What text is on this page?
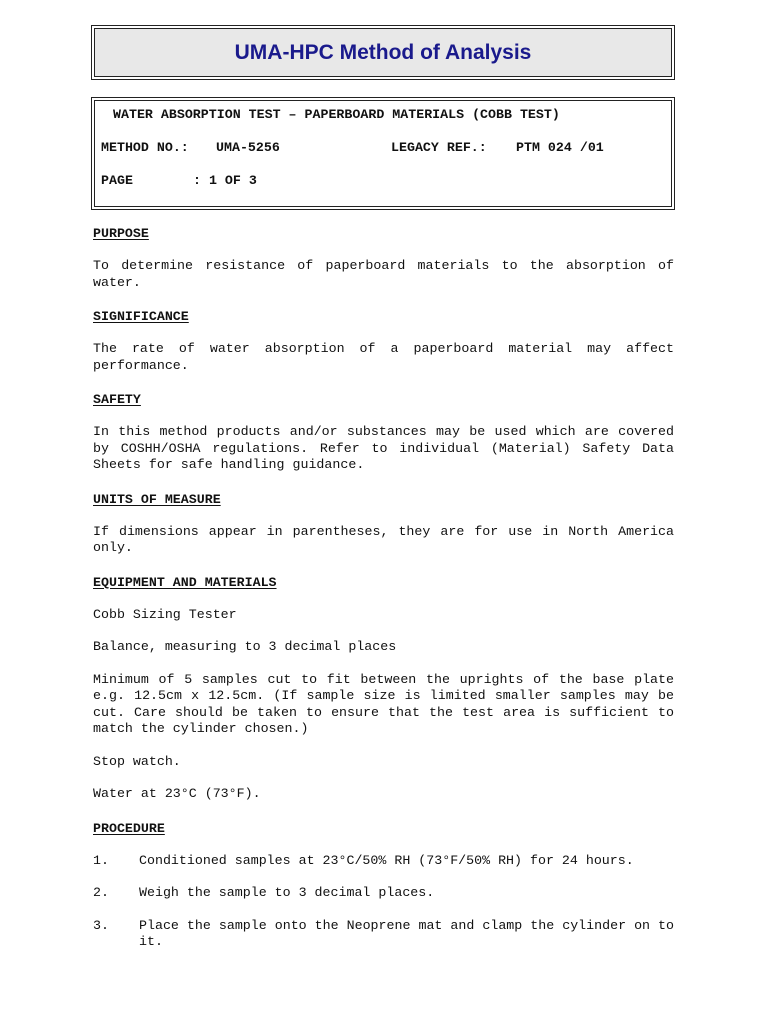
UMA-HPC Method of Analysis
WATER ABSORPTION TEST – PAPERBOARD MATERIALS (COBB TEST)
METHOD NO.: UMA-5256	LEGACY REF.: PTM 024 /01
PAGE	: 1 OF 3
PURPOSE

To determine resistance of paperboard materials to the absorption of water.

SIGNIFICANCE

The rate of water absorption of a paperboard material may affect performance.

SAFETY

In this method products and/or substances may be used which are covered by COSHH/OSHA regulations. Refer to individual (Material) Safety Data Sheets for safe handling guidance.

UNITS OF MEASURE

If dimensions appear in parentheses, they are for use in North America only.

EQUIPMENT AND MATERIALS

Cobb Sizing Tester

Balance, measuring to 3 decimal places

Minimum of 5 samples cut to fit between the uprights of the base plate e.g. 12.5cm x 12.5cm. (If sample size is limited smaller samples may be cut. Care should be taken to ensure that the test area is sufficient to match the cylinder chosen.)

Stop watch.

Water at 23°C (73°F).

PROCEDURE
1.	Conditioned samples at 23°C/50% RH (73°F/50% RH) for 24 hours.
2.	Weigh the sample to 3 decimal places.
3.	Place the sample onto the Neoprene mat and clamp the cylinder on to it.
